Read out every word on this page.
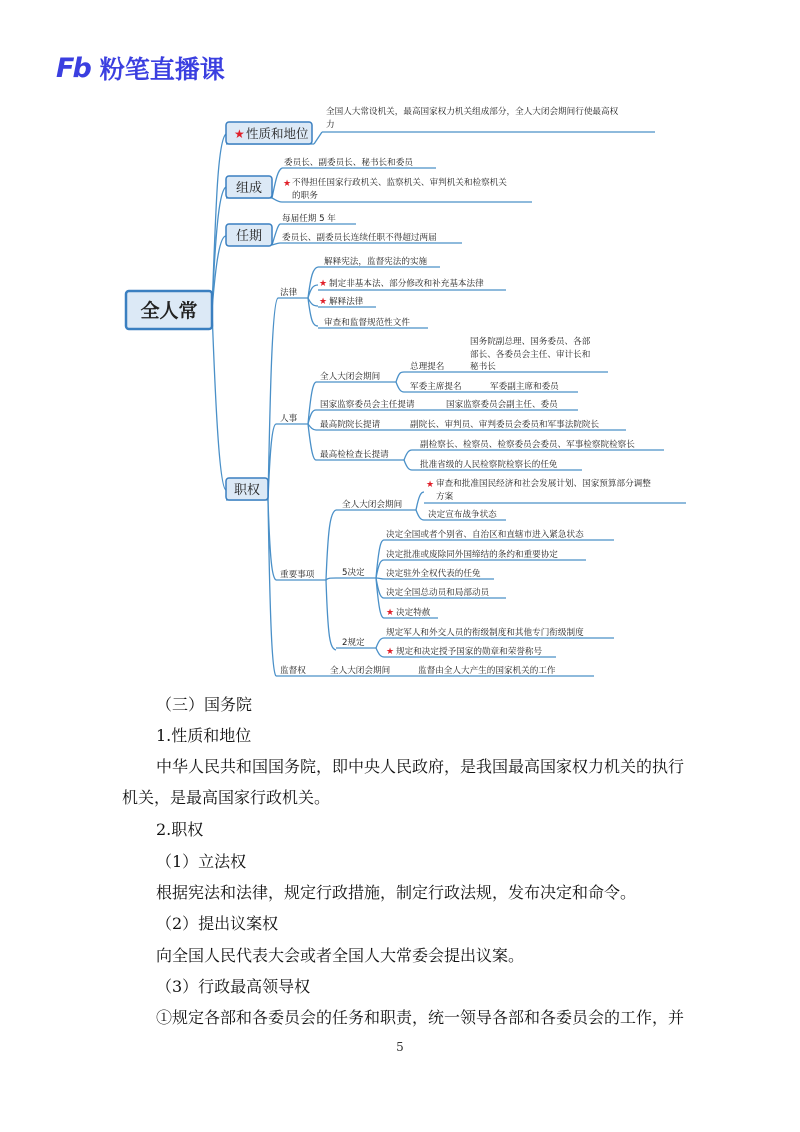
Fb 粉笔直播课
全人常
★ 性质和地位
组成
任期
职权
全国人大常设机关，最高国家权力机关组成部分，全人大闭会期间行使最高权
力
委员长、副委员长、秘书长和委员
★ 不得担任国家行政机关、监察机关、审判机关和检察机关
的职务
每届任期 5 年
委员长、副委员长连续任职不得超过两届
法律
解释宪法，监督宪法的实施
★ 制定非基本法、部分修改和补充基本法律
★ 解释法律
审查和监督规范性文件
人事
全人大闭会期间
总理提名
国务院副总理、国务委员、各部
部长、各委员会主任、审计长和
秘书长
军委主席提名	军委副主席和委员
国家监察委员会主任提请	国家监察委员会副主任、委员
最高院院长提请	副院长、审判员、审判委员会委员和军事法院院长
最高检检查长提请
副检察长、检察员、检察委员会委员、军事检察院检察长
批准省级的人民检察院检察长的任免
重要事项
全人大闭会期间
★ 审查和批准国民经济和社会发展计划、国家预算部分调整
方案
决定宣布战争状态
5决定
决定全国或者个别省、自治区和直辖市进入紧急状态
决定批准或废除同外国缔结的条约和重要协定
决定驻外全权代表的任免
决定全国总动员和局部动员
★ 决定特赦
2规定
规定军人和外交人员的衔级制度和其他专门衔级制度
★ 规定和决定授予国家的勋章和荣誉称号
监督权	全人大闭会期间	监督由全人大产生的国家机关的工作
（三）国务院
1.性质和地位
中华人民共和国国务院，即中央人民政府，是我国最高国家权力机关的执行
机关，是最高国家行政机关。
2.职权
（1）立法权
根据宪法和法律，规定行政措施，制定行政法规，发布决定和命令。
（2）提出议案权
向全国人民代表大会或者全国人大常委会提出议案。
（3）行政最高领导权
①规定各部和各委员会的任务和职责，统一领导各部和各委员会的工作，并
5
